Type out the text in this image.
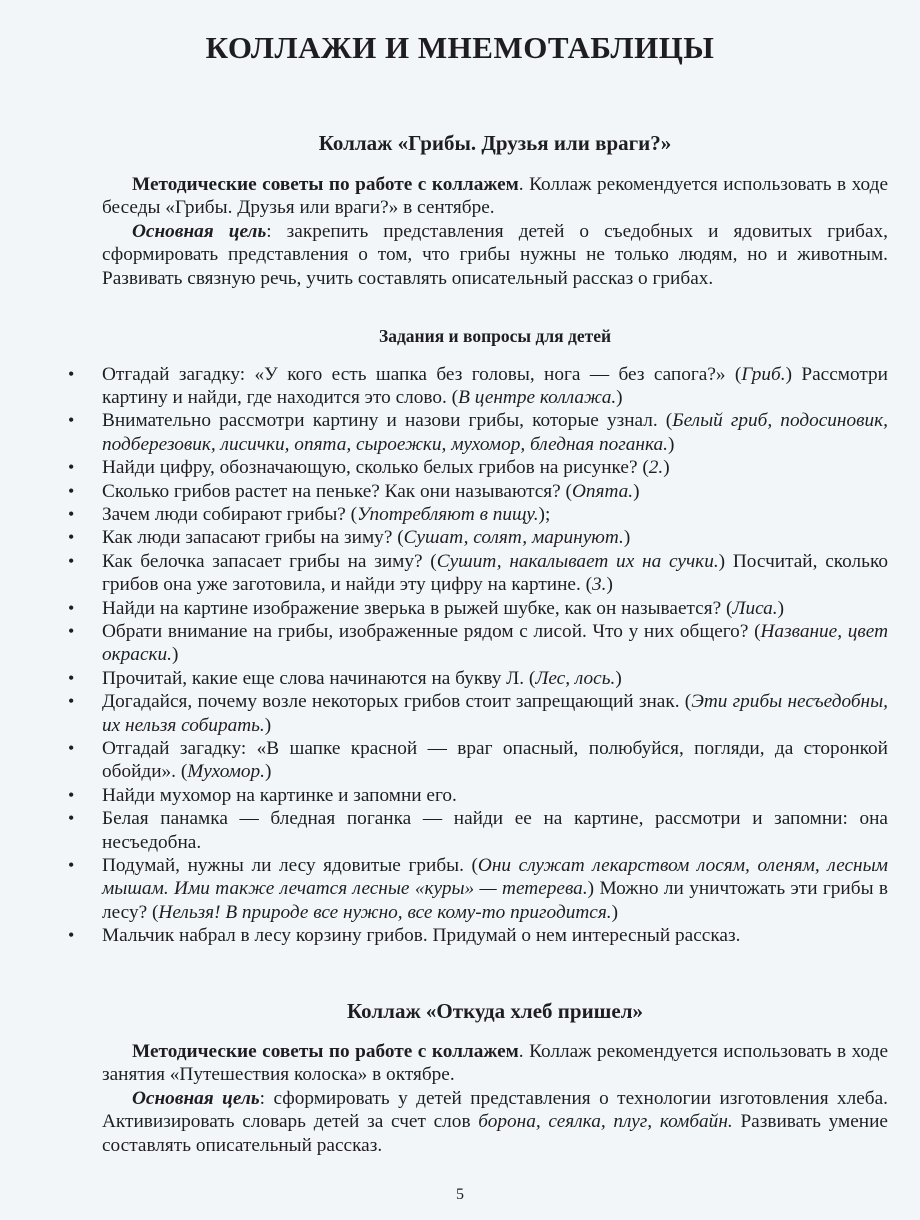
КОЛЛАЖИ И МНЕМОТАБЛИЦЫ
Коллаж «Грибы. Друзья или враги?»

Методические советы по работе с коллажем. Коллаж рекомендуется использовать в ходе беседы «Грибы. Друзья или враги?» в сентябре.

Основная цель: закрепить представления детей о съедобных и ядовитых грибах, сформировать представления о том, что грибы нужны не только людям, но и животным. Развивать связную речь, учить составлять описательный рассказ о грибах.

Задания и вопросы для детей
• Отгадай загадку: «У кого есть шапка без головы, нога — без сапога?» (Гриб.) Рассмотри картину и найди, где находится это слово. (В центре коллажа.)
• Внимательно рассмотри картину и назови грибы, которые узнал. (Белый гриб, подосиновик, подберезовик, лисички, опята, сыроежки, мухомор, бледная поганка.)
• Найди цифру, обозначающую, сколько белых грибов на рисунке? (2.)
• Сколько грибов растет на пеньке? Как они называются? (Опята.)
• Зачем люди собирают грибы? (Употребляют в пищу.);
• Как люди запасают грибы на зиму? (Сушат, солят, маринуют.)
• Как белочка запасает грибы на зиму? (Сушит, накалывает их на сучки.) Посчитай, сколько грибов она уже заготовила, и найди эту цифру на картине. (3.)
• Найди на картине изображение зверька в рыжей шубке, как он называется? (Лиса.)
• Обрати внимание на грибы, изображенные рядом с лисой. Что у них общего? (Название, цвет окраски.)
• Прочитай, какие еще слова начинаются на букву Л. (Лес, лось.)
• Догадайся, почему возле некоторых грибов стоит запрещающий знак. (Эти грибы несъедобны, их нельзя собирать.)
• Отгадай загадку: «В шапке красной — враг опасный, полюбуйся, погляди, да сторонкой обойди». (Мухомор.)
• Найди мухомор на картинке и запомни его.
• Белая панамка — бледная поганка — найди ее на картине, рассмотри и запомни: она несъедобна.
• Подумай, нужны ли лесу ядовитые грибы. (Они служат лекарством лосям, оленям, лесным мышам. Ими также лечатся лесные «куры» — тетерева.) Можно ли уничтожать эти грибы в лесу? (Нельзя! В природе все нужно, все кому-то пригодится.)
• Мальчик набрал в лесу корзину грибов. Придумай о нем интересный рассказ.
Коллаж «Откуда хлеб пришел»

Методические советы по работе с коллажем. Коллаж рекомендуется использовать в ходе занятия «Путешествия колоска» в октябре.

Основная цель: сформировать у детей представления о технологии изготовления хлеба. Активизировать словарь детей за счет слов борона, сеялка, плуг, комбайн. Развивать умение составлять описательный рассказ.

5
